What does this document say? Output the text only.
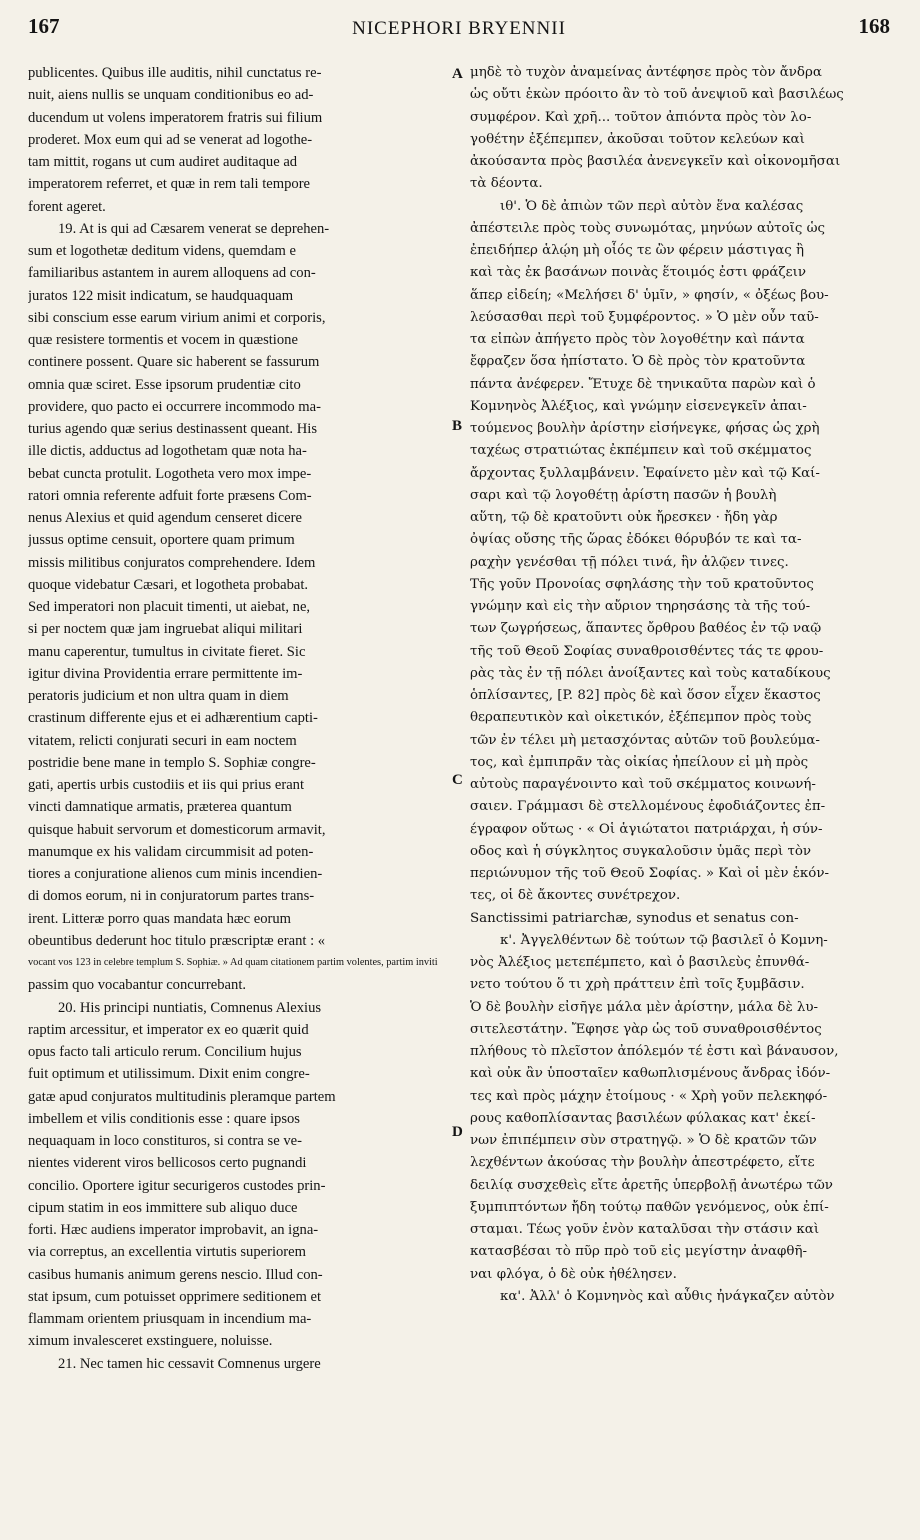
167	NICEPHORI BRYENNII	168
publicentes. Quibus ille auditis, nihil cunctatus re-
nuit, aiens nullis se unquam conditionibus eo ad-
ducendum ut volens imperatorem fratris sui filium
proderet. Mox eum qui ad se venerat ad logothe-
tam mittit, rogans ut cum audiret auditaque ad
imperatorem referret, et quæ in rem tali tempore
forent ageret.
19. At is qui ad Cæsarem venerat se deprehen-
sum et logothetæ deditum videns, quemdam e
familiaribus astantem in aurem alloquens ad con-
juratos 122 misit indicatum, se haudquaquam
sibi conscium esse earum virium animi et corporis,
quæ resistere tormentis et vocem in quæstione
continere possent. Quare sic haberent se fassurum
omnia quæ sciret. Esse ipsorum prudentiæ cito
providere, quo pacto ei occurrere incommodo ma-
turius agendo quæ serius destinassent queant. His
ille dictis, adductus ad logothetam quæ nota ha-
bebat cuncta protulit. Logotheta vero mox impe-
ratori omnia referente adfuit forte præsens Com-
nenus Alexius et quid agendum censeret dicere
jussus optime censuit, oportere quam primum
missis militibus conjuratos comprehendere. Idem
quoque videbatur Cæsari, et logotheta probabat.
Sed imperatori non placuit timenti, ut aiebat, ne,
si per noctem quæ jam ingruebat aliqui militari
manu caperentur, tumultus in civitate fieret. Sic
igitur divina Providentia errare permittente im-
peratoris judicium et non ultra quam in diem
crastinum differente ejus et ei adhærentium capti-
vitatem, relicti conjurati securi in eam noctem
postridie bene mane in templo S. Sophiæ congre-
gati, apertis urbis custodiis et iis qui prius erant
vincti damnatique armatis, præterea quantum
quisque habuit servorum et domesticorum armavit,
manumque ex his validam circummisit ad poten-
tiores a conjuratione alienos cum minis incendien-
di domos eorum, ni in conjuratorum partes trans-
irent. Litteræ porro quas mandata hæc eorum
obeuntibus dederunt hoc titulo præscriptæ erant : «
vocant vos 123 in celebre templum S. Sophiæ. » Ad quam citationem partim volentes, partim inviti
passim quo vocabantur concurrebant.
20. His principi nuntiatis, Comnenus Alexius
raptim arcessitur, et imperator ex eo quærit quid
opus facto tali articulo rerum. Concilium hujus
fuit optimum et utilissimum. Dixit enim congre-
gatæ apud conjuratos multitudinis pleramque partem
imbellem et vilis conditionis esse : quare ipsos
nequaquam in loco constituros, si contra se ve-
nientes viderent viros bellicosos certo pugnandi
concilio. Oportere igitur securigeros custodes prin-
cipum statim in eos immittere sub aliquo duce
forti. Hæc audiens imperator improbavit, an igna-
via correptus, an excellentia virtutis superiorem
casibus humanis animum gerens nescio. Illud con-
stat ipsum, cum potuisset opprimere seditionem et
flammam orientem priusquam in incendium ma-
ximum invalesceret exstinguere, noluisse.
21. Nec tamen hic cessavit Comnenus urgere
μηδὲ τὸ τυχὸν ἀναμείνας ἀντέφησε πρὸς τὸν ἄνδρα
ὡς οὔτι ἑκὼν πρόοιτο ἂν τὸ τοῦ ἀνεψιοῦ καὶ βασιλέως
συμφέρον. Καὶ χρῆ... τοῦτον ἀπιόντα πρὸς τὸν λο-
γοθέτην ἐξέπεμπεν, ἀκοῦσαι τοῦτον κελεύων καὶ
ἀκούσαντα πρὸς βασιλέα ἀνενεγκεῖν καὶ οἰκονομῆσαι
τὰ δέοντα.
ιθ'. Ὁ δὲ ἀπιὼν τῶν περὶ αὐτὸν ἕνα καλέσας
ἀπέστειλε πρὸς τοὺς συνωμότας, μηνύων αὐτοῖς ὡς
ἐπειδήπερ ἁλῴη μὴ οἷός τε ὢν φέρειν μάστιγας ἢ
καὶ τὰς ἐκ βασάνων ποινὰς ἕτοιμός ἐστι φράζειν
ἅπερ εἰδείη; «Μελήσει δ' ὑμῖν, » φησίν, « ὀξέως βου-
λεύσασθαι περὶ τοῦ ξυμφέροντος. » Ὁ μὲν οὖν ταῦ-
τα εἰπὼν ἀπήγετο πρὸς τὸν λογοθέτην καὶ πάντα
ἔφραζεν ὅσα ἠπίστατο. Ὁ δὲ πρὸς τὸν κρατοῦντα
πάντα ἀνέφερεν. Ἔτυχε δὲ τηνικαῦτα παρὼν καὶ ὁ
Κομνηνὸς Ἀλέξιος, καὶ γνώμην εἰσενεγκεῖν ἀπαι-
τούμενος βουλὴν ἀρίστην εἰσήνεγκε, φήσας ὡς χρὴ
ταχέως στρατιώτας ἐκπέμπειν καὶ τοῦ σκέμματος
ἄρχοντας ξυλλαμβάνειν. Ἐφαίνετο μὲν καὶ τῷ Καί-
σαρι καὶ τῷ λογοθέτῃ ἀρίστη πασῶν ἡ βουλὴ
αὕτη, τῷ δὲ κρατοῦντι οὐκ ἤρεσκεν · ἤδη γὰρ
ὀψίας οὔσης τῆς ὥρας ἐδόκει θόρυβόν τε καὶ τα-
ραχὴν γενέσθαι τῇ πόλει τινά, ἣν ἀλῷεν τινες.
Τῆς γοῦν Προνοίας σφηλάσης τὴν τοῦ κρατοῦντος
γνώμην καὶ εἰς τὴν αὔριον τηρησάσης τὰ τῆς τού-
των ζωγρήσεως, ἅπαντες ὄρθρου βαθέος ἐν τῷ ναῷ
τῆς τοῦ Θεοῦ Σοφίας συναθροισθέντες τάς τε φρου-
ρὰς τὰς ἐν τῇ πόλει ἀνοίξαντες καὶ τοὺς καταδίκους
ὁπλίσαντες, [P. 82] πρὸς δὲ καὶ ὅσον εἶχεν ἕκαστος
θεραπευτικὸν καὶ οἰκετικόν, ἐξέπεμπον πρὸς τοὺς
τῶν ἐν τέλει μὴ μετασχόντας αὐτῶν τοῦ βουλεύμα-
τος, καὶ ἐμπιπρᾶν τὰς οἰκίας ἠπείλουν εἰ μὴ πρὸς
αὐτοὺς παραγένοιντο καὶ τοῦ σκέμματος κοινωνή-
σαιεν. Γράμμασι δὲ στελλομένους ἐφοδιάζοντες ἐπ-
έγραφον οὕτως · « Οἱ ἁγιώτατοι πατριάρχαι, ἡ σύν-
οδος καὶ ἡ σύγκλητος συγκαλοῦσιν ὑμᾶς περὶ τὸν
περιώνυμον τῆς τοῦ Θεοῦ Σοφίας. » Καὶ οἱ μὲν ἑκόν-
τες, οἱ δὲ ἄκοντες συνέτρεχον.
Sanctissimi patriarchæ, synodus et senatus con-
κ'. Ἀγγελθέντων δὲ τούτων τῷ βασιλεῖ ὁ Κομνη-
νὸς Ἀλέξιος μετεπέμπετο, καὶ ὁ βασιλεὺς ἐπυνθά-
νετο τούτου ὅ τι χρὴ πράττειν ἐπὶ τοῖς ξυμβᾶσιν.
Ὁ δὲ βουλὴν εἰσῆγε μάλα μὲν ἀρίστην, μάλα δὲ λυ-
σιτελεστάτην. Ἔφησε γὰρ ὡς τοῦ συναθροισθέντος
πλήθους τὸ πλεῖστον ἀπόλεμόν τέ ἐστι καὶ βάναυσον,
καὶ οὐκ ἂν ὑποσταῖεν καθωπλισμένους ἄνδρας ἰδόν-
τες καὶ πρὸς μάχην ἑτοίμους · « Χρὴ γοῦν πελεκηφό-
ρους καθοπλίσαντας βασιλέων φύλακας κατ' ἐκεί-
νων ἐπιπέμπειν σὺν στρατηγῷ. » Ὁ δὲ κρατῶν τῶν
λεχθέντων ἀκούσας τὴν βουλὴν ἀπεστρέφετο, εἴτε
δειλίᾳ συσχεθεὶς εἴτε ἀρετῆς ὑπερβολῇ ἀνωτέρω τῶν
ξυμπιπτόντων ἤδη τούτῳ παθῶν γενόμενος, οὐκ ἐπί-
σταμαι. Τέως γοῦν ἐνὸν καταλῦσαι τὴν στάσιν καὶ
κατασβέσαι τὸ πῦρ πρὸ τοῦ εἰς μεγίστην ἀναφθῆ-
ναι φλόγα, ὁ δὲ οὐκ ἠθέλησεν.
κα'. Ἀλλ' ὁ Κομνηνὸς καὶ αὖθις ἠνάγκαζεν αὐτὸν
A
B
C
D
